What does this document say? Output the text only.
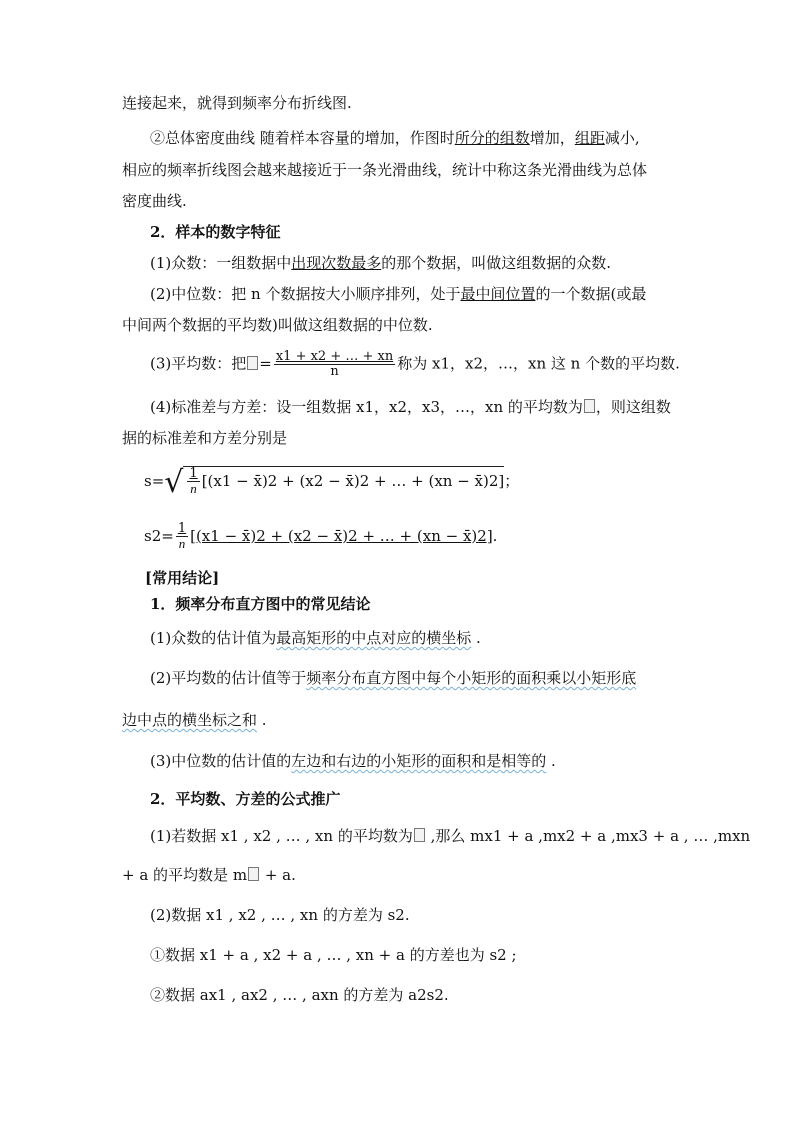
连接起来，就得到频率分布折线图.
②总体密度曲线 随着样本容量的增加，作图时所分的组数增加，组距减小,
相应的频率折线图会越来越接近于一条光滑曲线，统计中称这条光滑曲线为总体
密度曲线.
2．样本的数字特征
(1)众数：一组数据中出现次数最多的那个数据，叫做这组数据的众数.
(2)中位数：把 n 个数据按大小顺序排列，处于最中间位置的一个数据(或最
中间两个数据的平均数)叫做这组数据的中位数.
(3)平均数：把 = $\frac{x1 + x2 + \dots + xn}{n}$ 称为 x1，x2，…，xn 这 n 个数的平均数.
(4)标准差与方差：设一组数据 x1，x2，x3，…，xn 的平均数为 ，则这组数
据的标准差和方差分别是
$s=√ \frac{1}{n} [(x1$ − x̄)2 + (x2 − x̄)2 + … + (xn − x̄)2]；
$s2= \frac{1}{n} [(x1$ − x̄)2 + (x2 − x̄)2 + … + (xn − x̄)2].
[常用结论]
1．频率分布直方图中的常见结论
(1)众数的估计值为最高矩形的中点对应的横坐标 .
(2)平均数的估计值等于频率分布直方图中每个小矩形的面积乘以小矩形底
边中点的横坐标之和 .
(3)中位数的估计值的左边和右边的小矩形的面积和是相等的 .
2．平均数、方差的公式推广
(1)若数据 x1 , x2 , … , xn 的平均数为 ,那么 mx1 + a ,mx2 + a ,mx3 + a , … ,mxn
+ a 的平均数是 m + a.
(2)数据 x1 , x2 , … , xn 的方差为 s2.
①数据 x1 + a , x2 + a , … , xn + a 的方差也为 s2 ;
②数据 ax1 , ax2 , … , axn 的方差为 a2s2.
